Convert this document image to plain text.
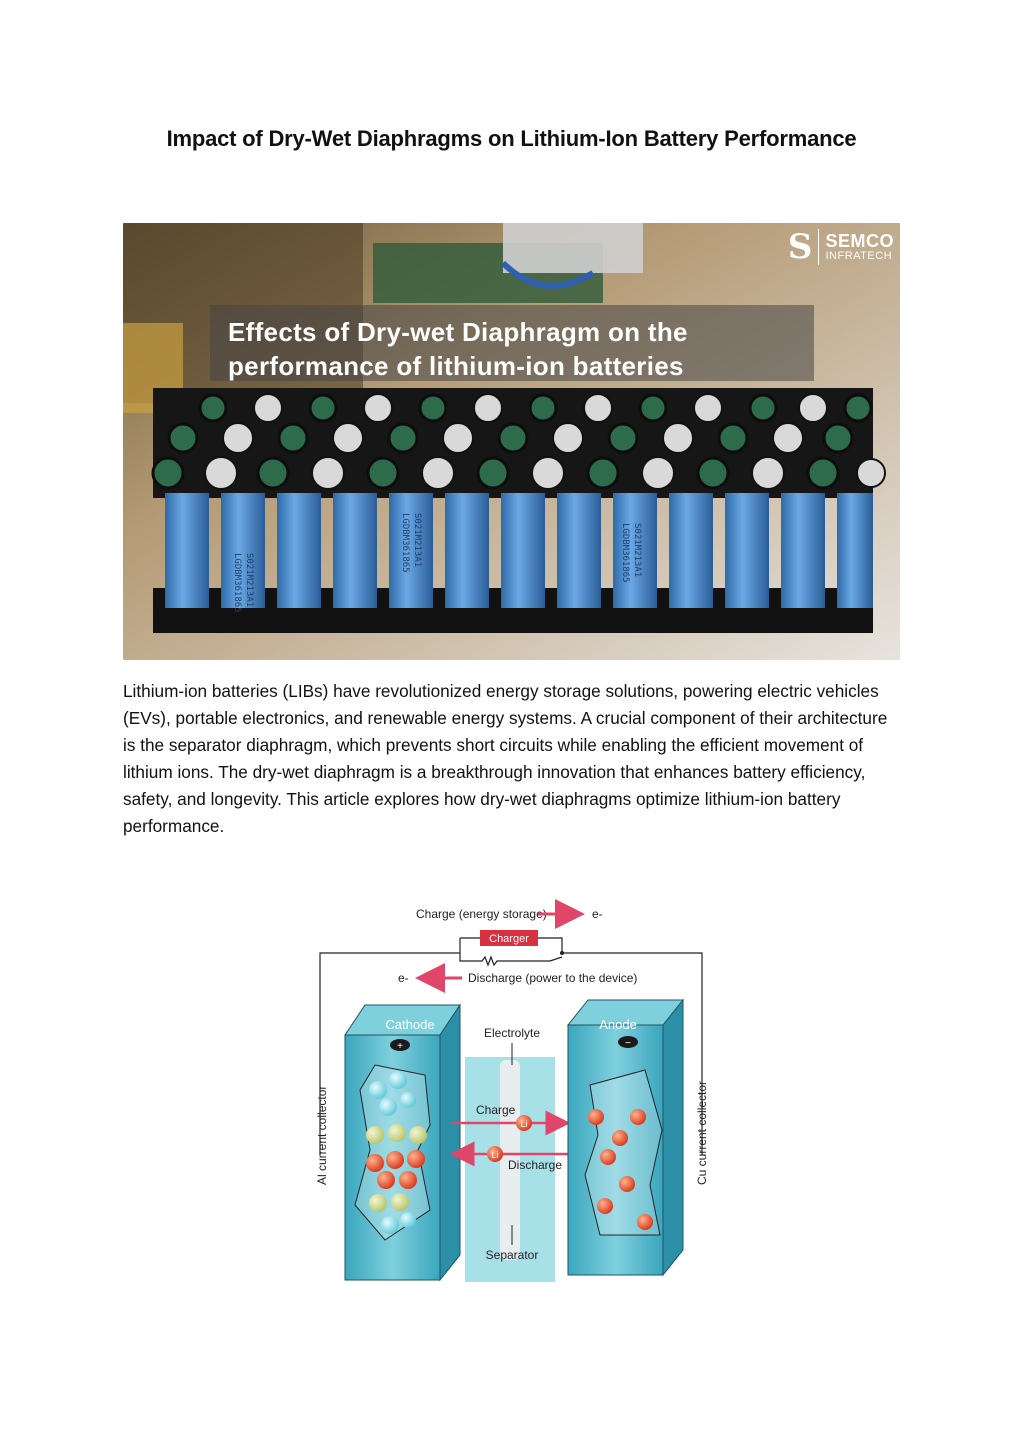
Impact of Dry-Wet Diaphragms on Lithium-Ion Battery Performance
LGDBM361865 S021M213A1
LGDBM361865 S021M213A1	LGDBM361865 S021M213A1
S SEMCO
INFRATECH
Effects of Dry-wet Diaphragm on the
performance of lithium-ion batteries

Lithium-ion batteries (LIBs) have revolutionized energy storage solutions, powering electric vehicles (EVs), portable electronics, and renewable energy systems. A crucial component of their architecture is the separator diaphragm, which prevents short circuits while enabling the efficient movement of lithium ions. The dry-wet diaphragm is a breakthrough innovation that enhances battery efficiency, safety, and longevity. This article explores how dry-wet diaphragms optimize lithium-ion battery performance.

Charge (energy storage)	e-
Charger
e-	Discharge (power to the device)
Cathode
+
Electrolyte
Charge
Li
Li
Discharge
Separator
Anode
−
Al current collector	Cu current collector
